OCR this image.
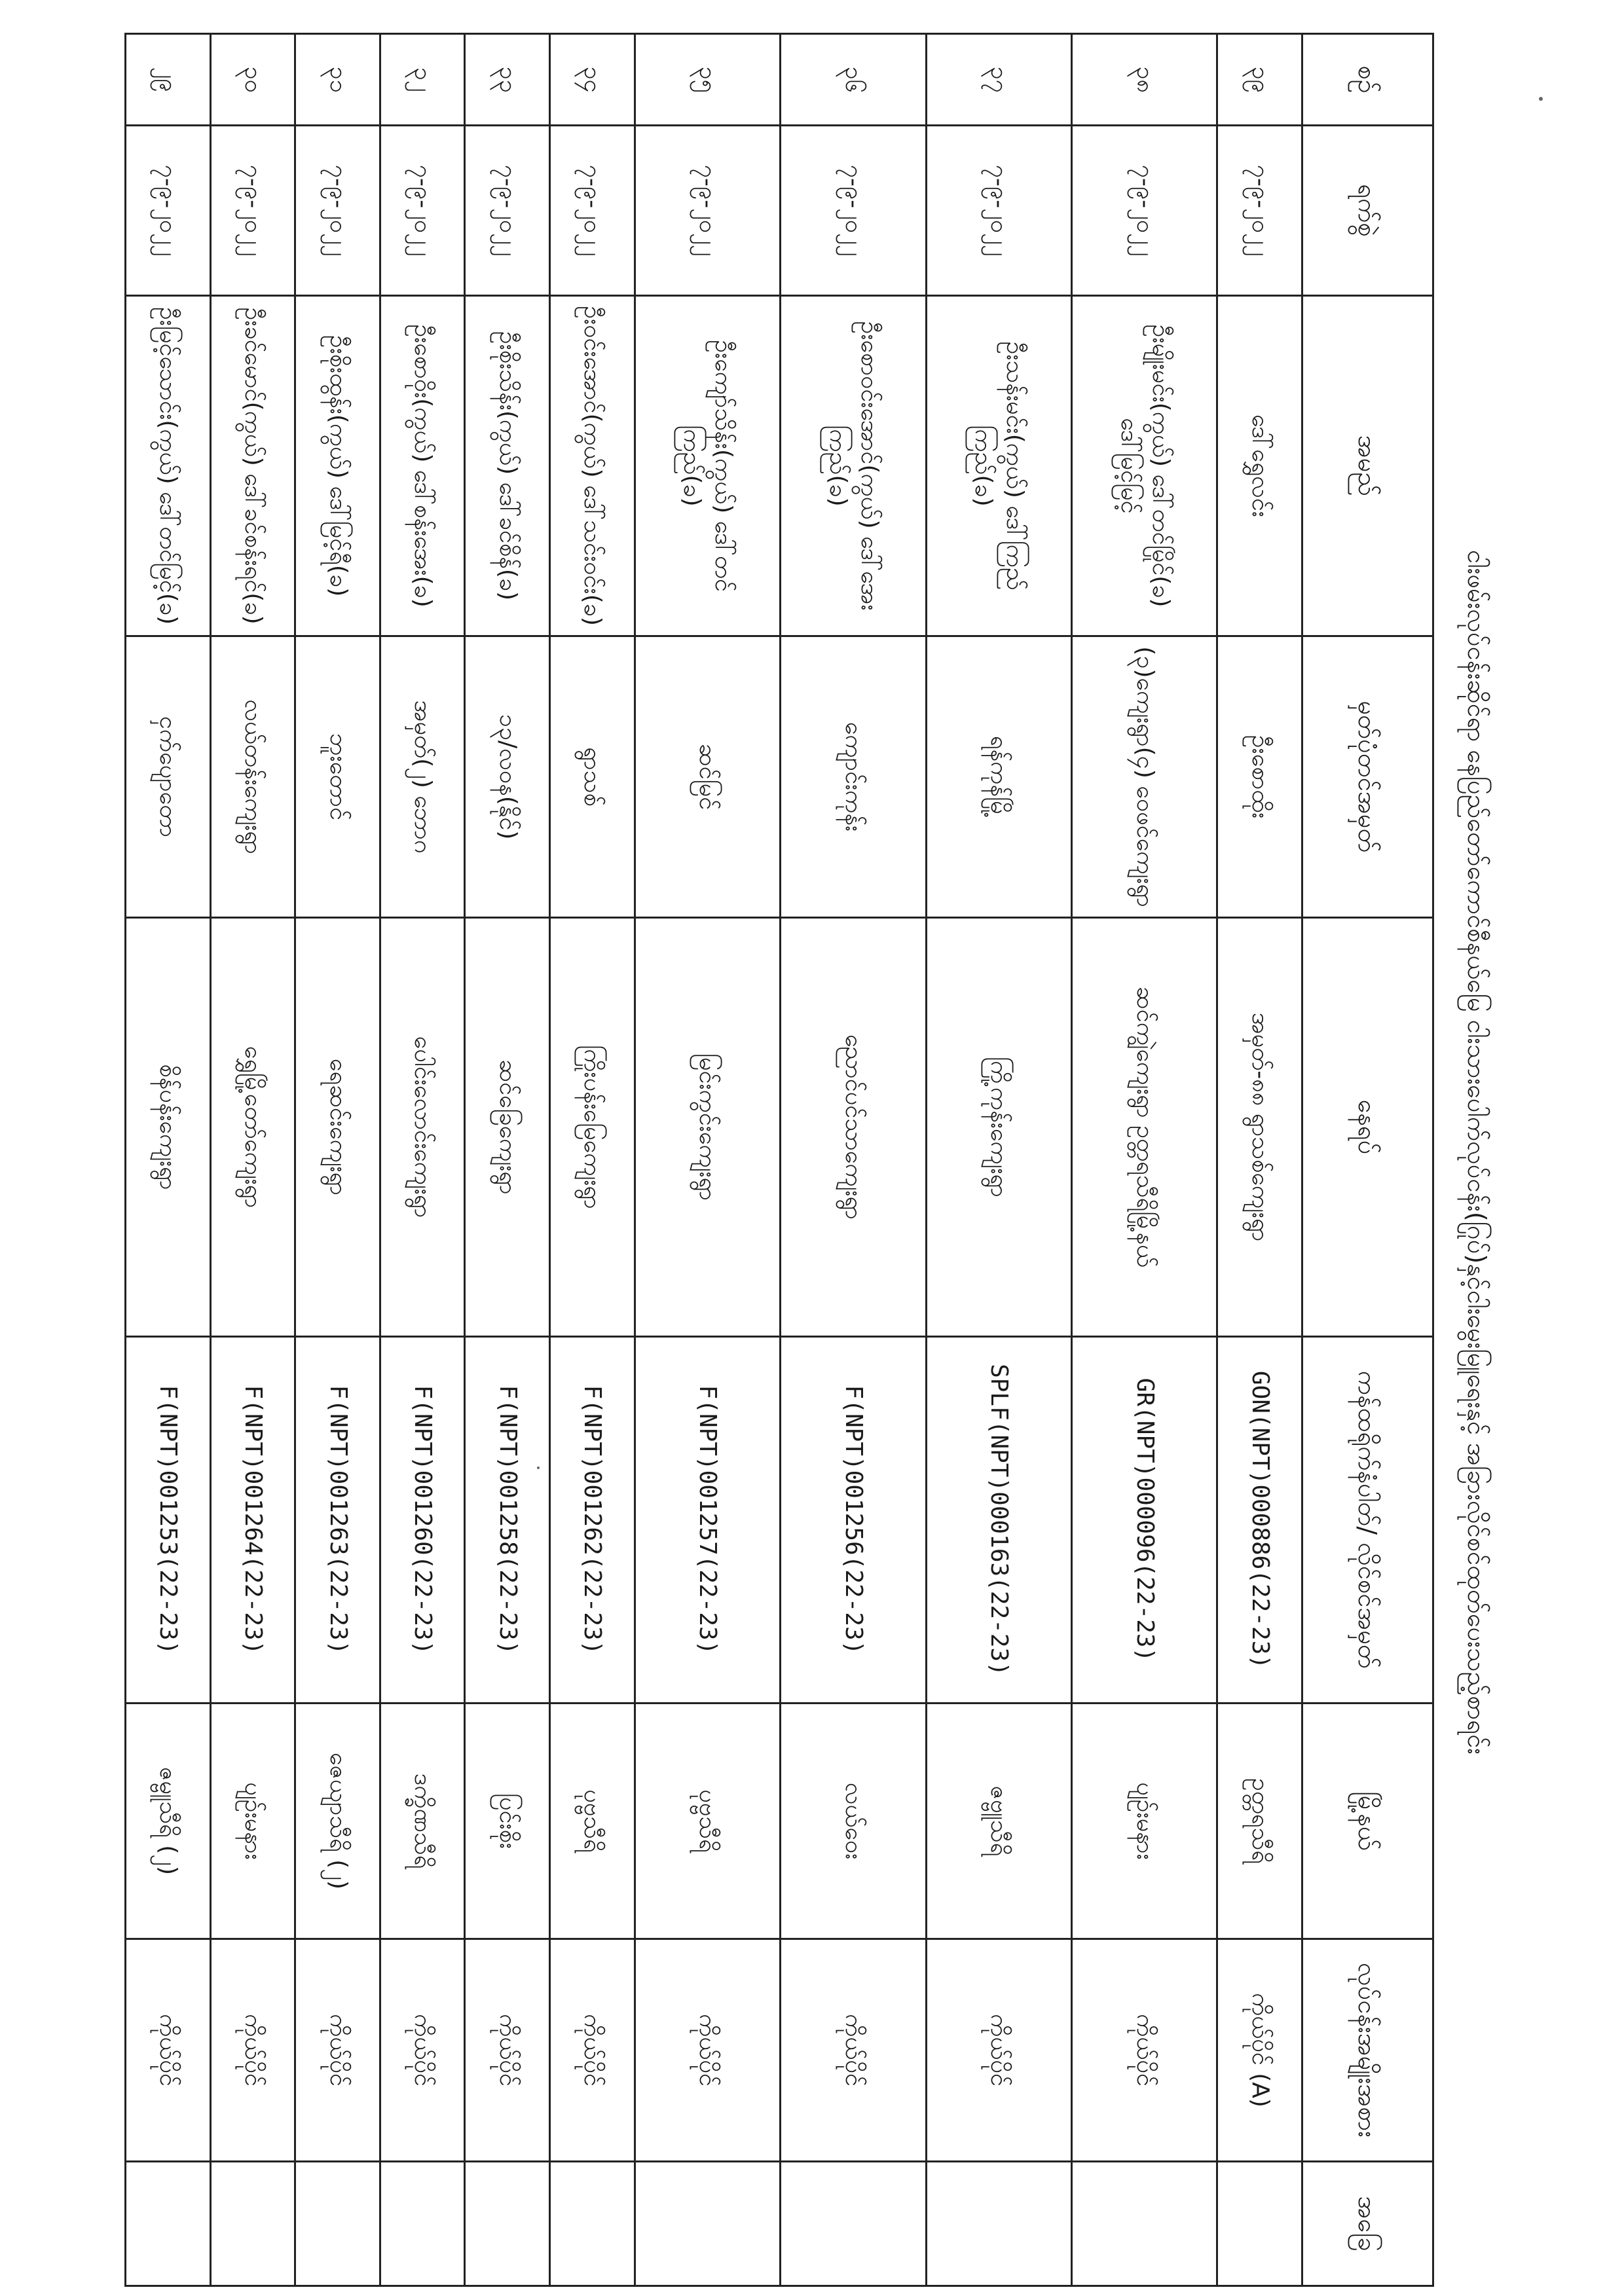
ငါးဖမ်းလုပ်ငန်းဆိုင်ရာ နေပြည်တော်ကောင်စီနယ်မြေ ငါးသားပေါက်လုပ်ငန်း(ဂြုပ်)နှင့်ငါးမွေးမြူရေးနှင့် အခြားလိုင်စင်ထုတ်ပေးသည့်စာရင်း
စဉ်	ရက်စွဲ	အမည်	မှတ်ပုံတင်အမှတ်	နေရပ်	ကန်ထရိုက်နံပါတ်/ လိုင်စင်အမှတ်	မြို့နယ်	လုပ်ငန်းအမျိုးအစား	အခြေ
၃၉	၇-၉-၂၀၂၂	ဒေါ်ရွှေလင်း	ဦးစောထိုး	အမှတ်-၈၈ ရွာသစ်ကျေးရွာ	GON(NPT)000886(22-23)	ဥတ္တရသီရိ	ကိုယ်ပိုင် (A)	
၃၈	၇-၉-၂၀၂၂	ဦးမျိုးမင်း(ကွယ်) ဒေါ်တင်မြိုင်(ခ) ဒေါ်မြင့်မြင့်	(၃)ကျေးရွာ(၄) ဝေဖင်ကျေးရွာ	ဆင်ကျွဲကျေးရွာ ဥတ္တရသီရိမြို့နယ်	GR(NPT)000096(22-23)	ပျဉ်းမနား	ကိုယ်ပိုင်	
၃၇	၇-၉-၂၀၂၂	ဦးသန်းမင်း(ကွယ်) ဒေါ်ကြည်ကြည်(ခ)	ရန်ကုန်မြို့	ကြို့ကုန်းကျေးရွာ	SPLF(NPT)000163(22-23)	ဇဗ္ဗူသီရိ	ကိုယ်ပိုင်	
၃၆	၇-၉-၂၀၂၂	ဦးစောဝင်းအောင်(ကွယ်) ဒေါ်အေးကြည်(ခ)	ကျောင်းကုန်း	ညောင်ပင်သာကျေးရွာ	F(NPT)001256(22-23)	လယ်ဝေး	ကိုယ်ပိုင်	
၃၅	၇-၉-၂၀၂၂	ဦးကျော်သိန်း(ကွယ်) ဒေါ်တင်ကြည်(ခ)	ဆင်မြင်	မြင်းကွင်းကျေးရွာ	F(NPT)001257(22-23)	ပုဗ္ဗသီရိ	ကိုယ်ပိုင်	
၃၄	၇-၉-၂၀၂၂	ဦးဝင်းအောင်(ကွယ်) ဒေါ်သင်းဝင်း(ခ)	ရွာသစ်	ကြိုးပန်းမြေကျေးရွာ	F(NPT)001262(22-23)	ပုဗ္ဗသီရိ	ကိုယ်ပိုင်	
၃၃	၇-၉-၂၀၂၂	ဦးစိုးသိန်း(ကွယ်) ဒေါ်ခင်စိန်(ခ)	၁၃/လဝန(နိုင်)	ဆင်ခြေကျေးရွာ	F(NPT)001258(22-23)	ပြင်းစိုး	ကိုယ်ပိုင်	
၃၂	၇-၉-၂၀၂၂	ဦးစောဝိုး(ကွယ်) ဒေါ်စန်းအေး(ခ)	အမှတ်(၂) ဘောဂ	ပေါင်းလောင်းကျေးရွာ	F(NPT)001260(22-23)	ဒက္ခိဏသီရိ	ကိုယ်ပိုင်	
၃၁	၇-၉-၂၀၂၂	ဦးစိုးထွန်း(ကွယ်) ဒေါ်မြင့်ရီ(ခ)	ဘူးတောင်	ရေဆင်းကျေးရွာ	F(NPT)001263(22-23)	ဇေယျာသီရိ (၂)	ကိုယ်ပိုင်	
၃၀	၇-၉-၂၀၂၂	ဦးခင်မောင်(ကွယ်) ဒေါ်ခင်စန်းရင်(ခ)	လယ်တန်းကျေးရွာ	ရွှေမြို့တော်ကျေးရွာ	F(NPT)001264(22-23)	ပျဉ်းမနား	ကိုယ်ပိုင်	
၂၉	၇-၉-၂၀၂၂	ဦးမြင့်သောင်း(ကွယ်) ဒေါ်တင်မြင့်(ခ)	ငှက်ပျောတော	စိန်ပန်းကျေးရွာ	F(NPT)001253(22-23)	ဇမ္ဗူသီရိ (၂)	ကိုယ်ပိုင်	
